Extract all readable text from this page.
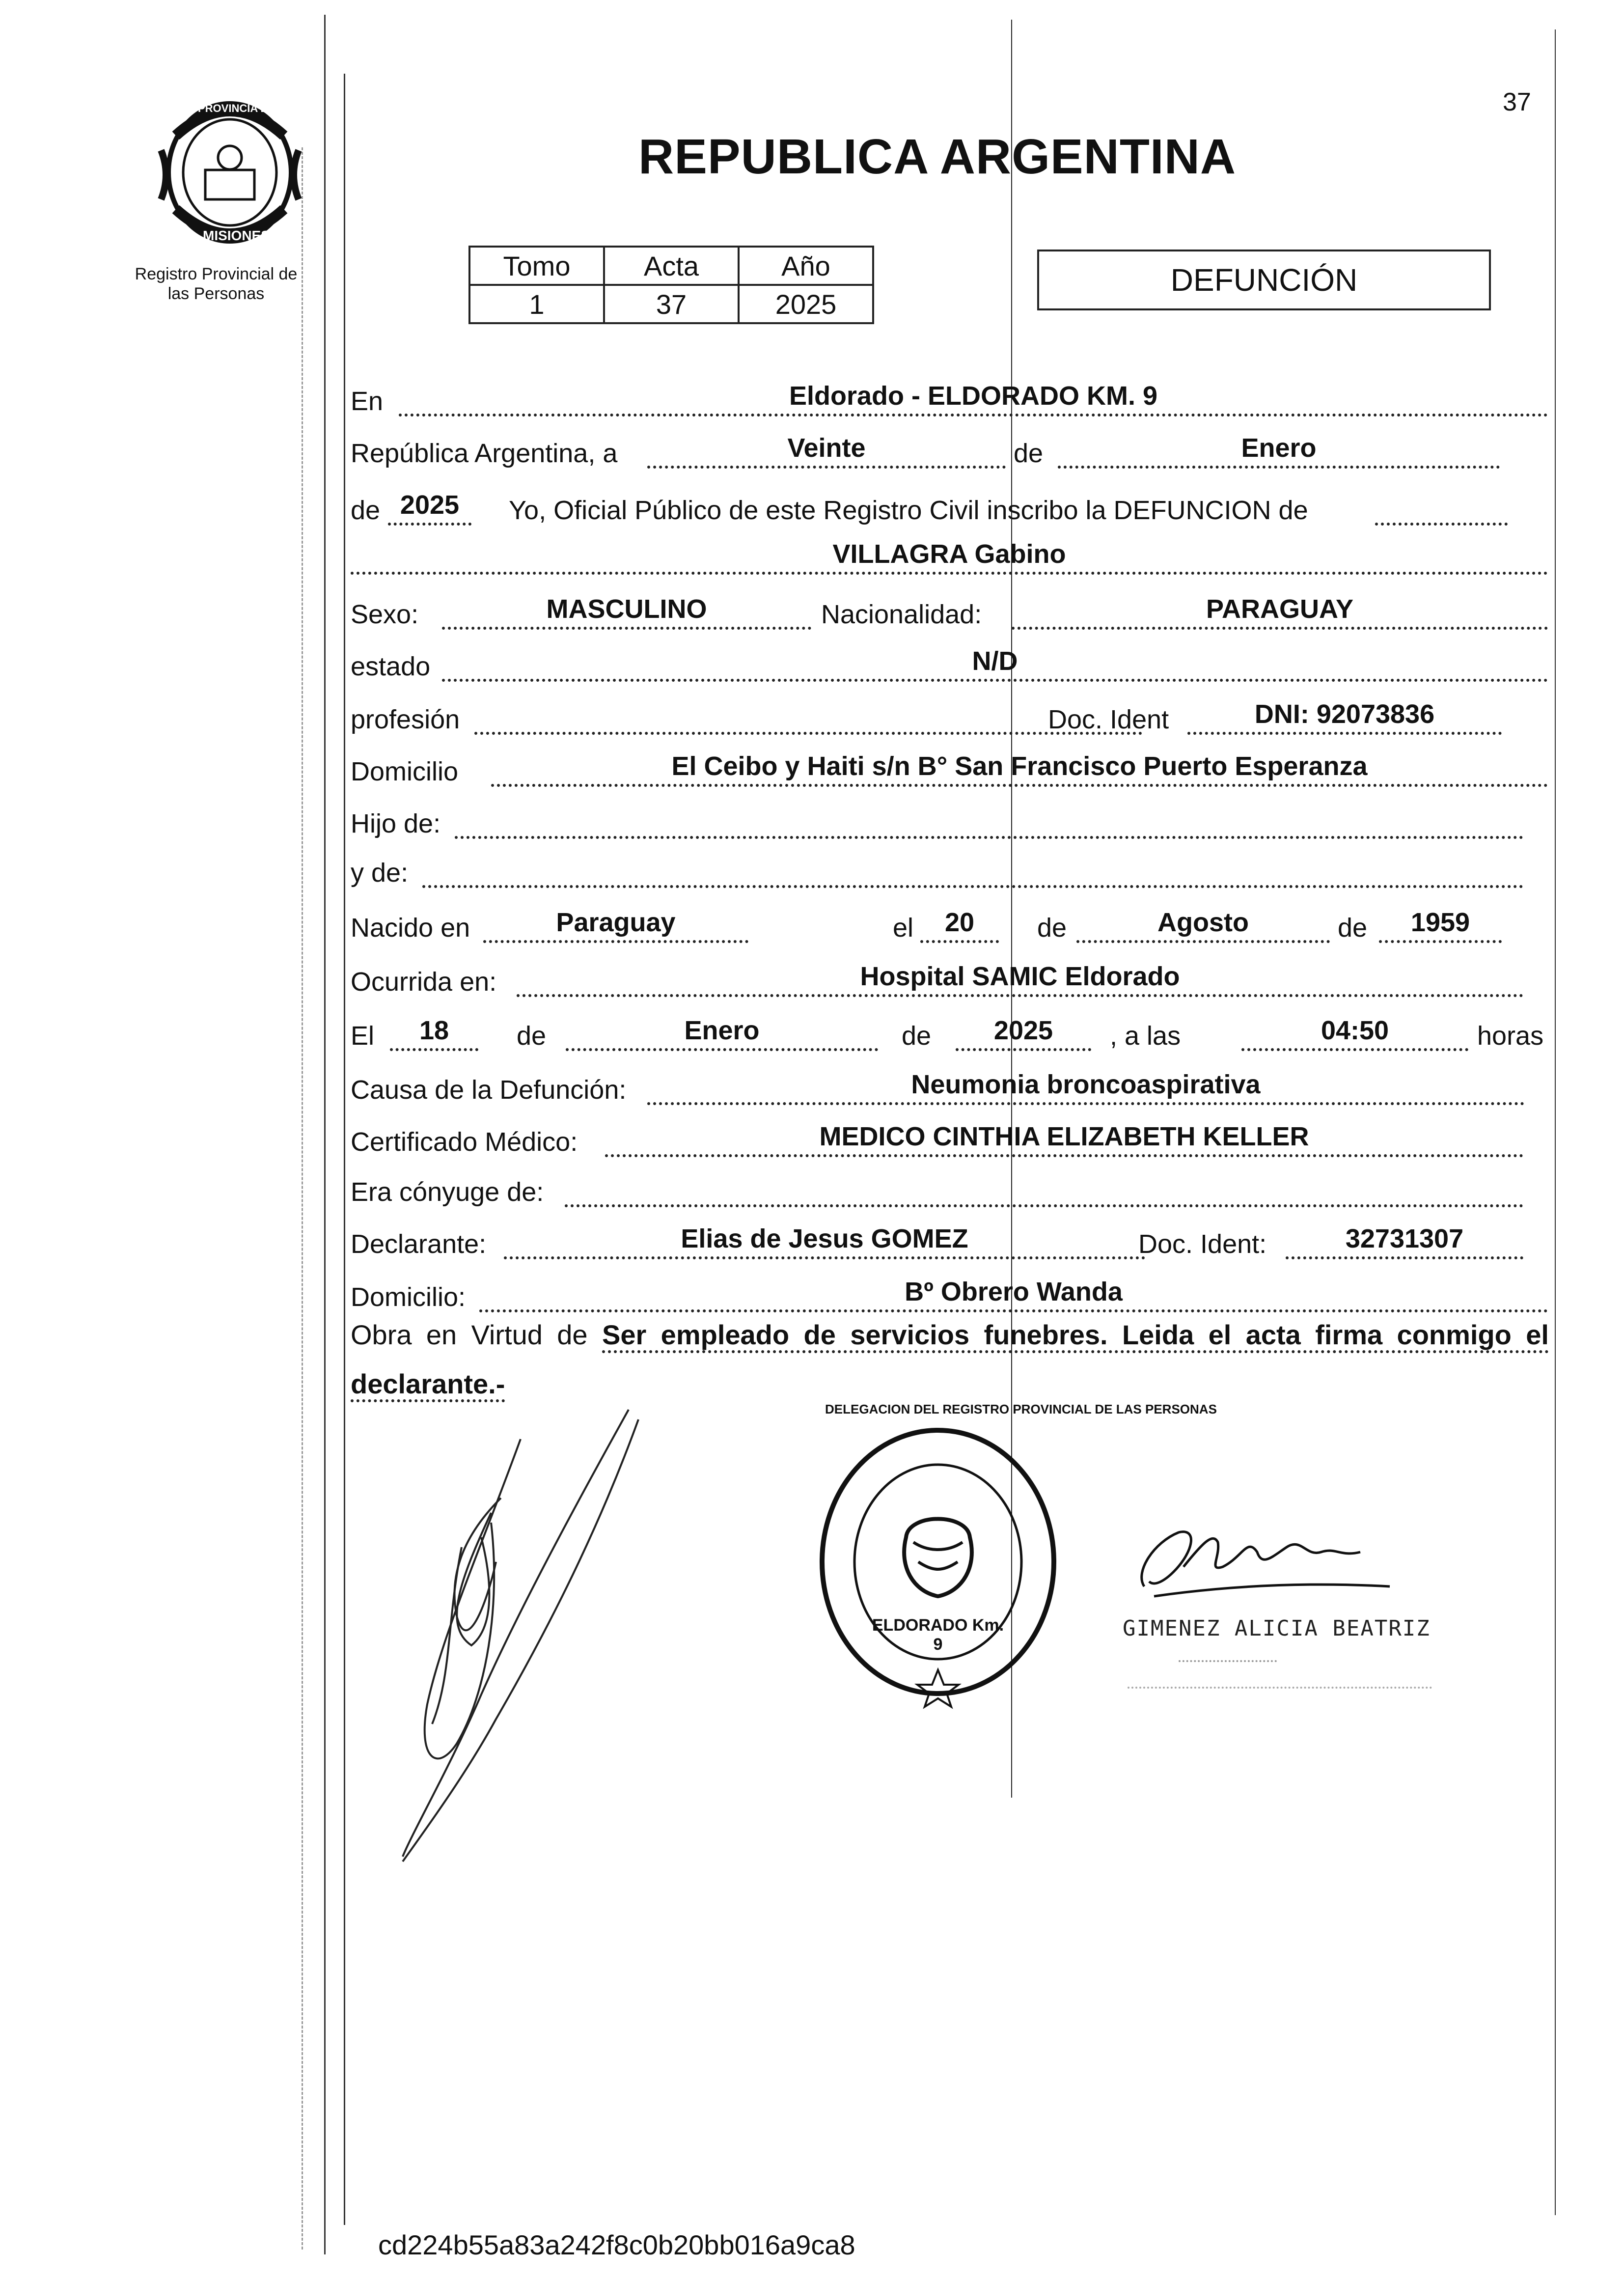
37
PROVINCIA DE
MISIONES
Registro Provincial de
las Personas
REPUBLICA ARGENTINA
Tomo	Acta	Año
1	37	2025
DEFUNCIÓN
En	Eldorado - ELDORADO KM. 9
República Argentina, a	Veinte	de	Enero
de 2025	Yo, Oficial Público de este Registro Civil inscribo la DEFUNCION de
VILLAGRA Gabino
Sexo:	MASCULINO	Nacionalidad:	PARAGUAY
estado	N/D
profesión	Doc. Ident	DNI: 92073836
Domicilio	El Ceibo y Haiti s/n B° San Francisco Puerto Esperanza
Hijo de:
y de:
Nacido en	Paraguay	el	20	de	Agosto	de	1959
Ocurrida en:	Hospital SAMIC Eldorado
El	18	de	Enero	de	2025	, a las	04:50	horas
Causa de la Defunción:	Neumonia broncoaspirativa
Certificado Médico:	MEDICO CINTHIA ELIZABETH KELLER
Era cónyuge de:
Declarante:	Elias de Jesus GOMEZ	Doc. Ident:	32731307
Domicilio:	Bº Obrero Wanda
Obra en Virtud de Ser empleado de servicios funebres. Leida el acta firma conmigo el declarante.-
DELEGACION DEL REGISTRO PROVINCIAL DE LAS PERSONAS
ELDORADO Km. 9
GIMENEZ ALICIA BEATRIZ
cd224b55a83a242f8c0b20bb016a9ca8
